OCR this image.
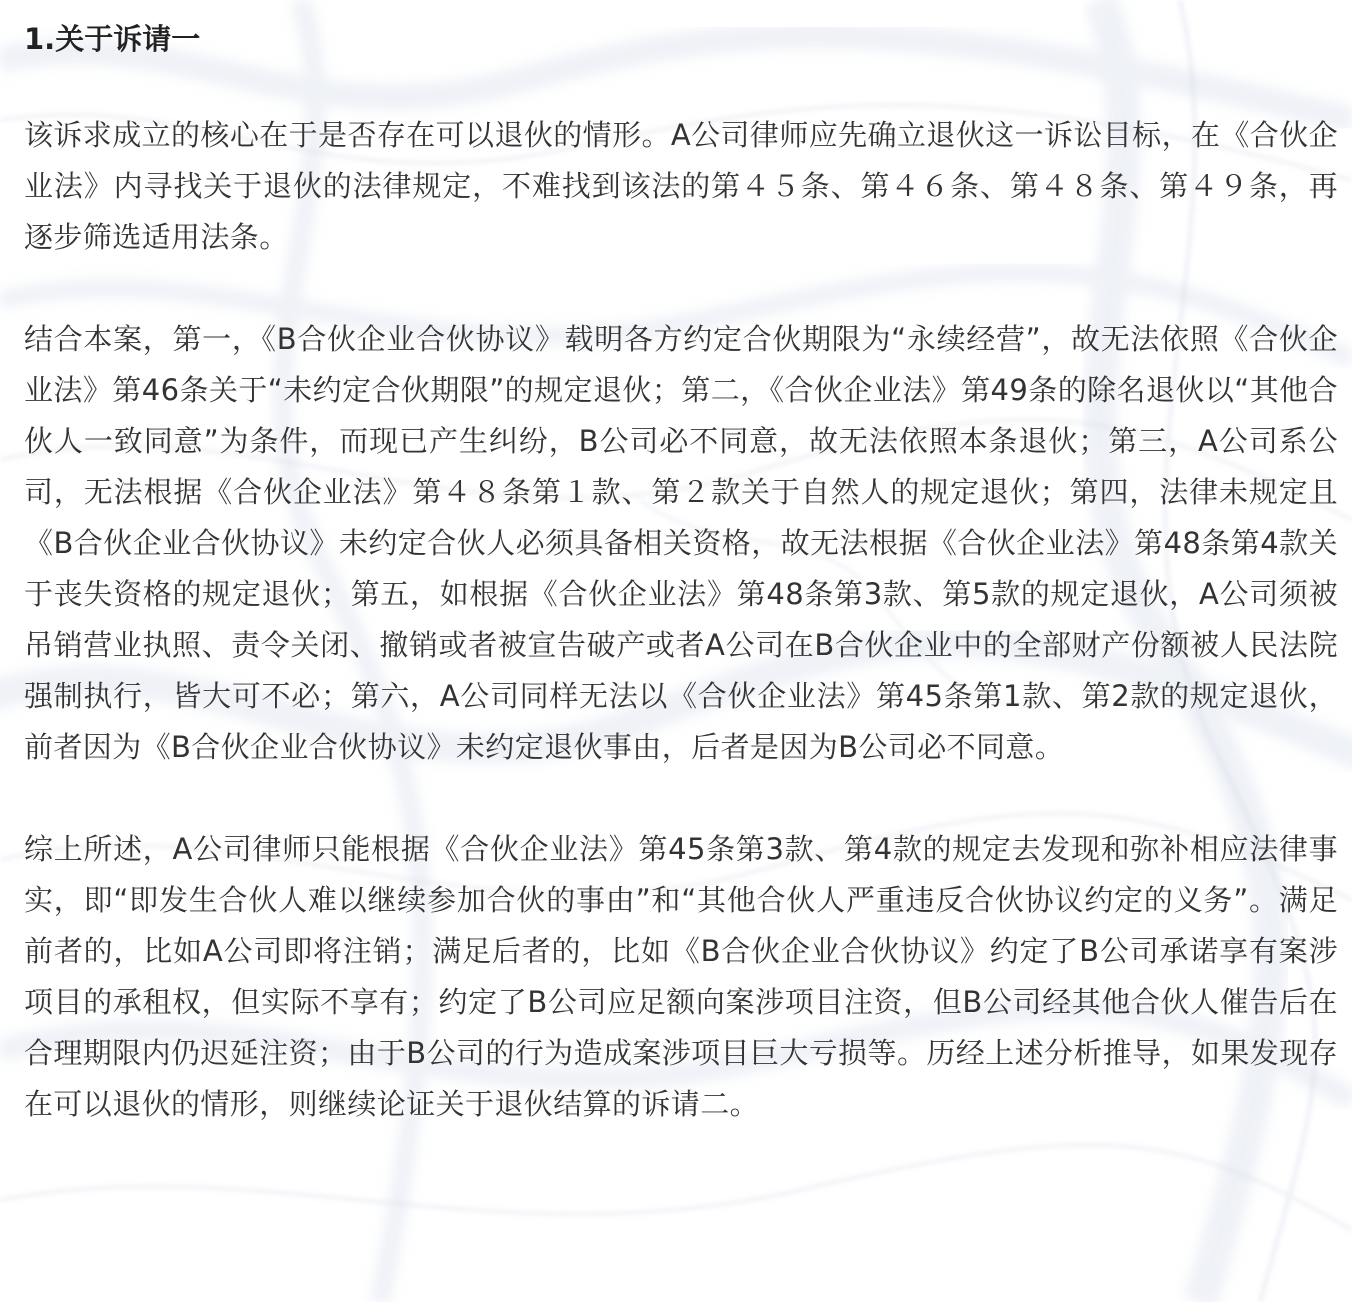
1.关于诉请一

该诉求成立的核心在于是否存在可以退伙的情形。A公司律师应先确立退伙这一诉讼目标，在《合伙企业法》内寻找关于退伙的法律规定，不难找到该法的第４５条、第４６条、第４８条、第４９条，再逐步筛选适用法条。

结合本案，第一，《B合伙企业合伙协议》载明各方约定合伙期限为“永续经营”，故无法依照《合伙企业法》第46条关于“未约定合伙期限”的规定退伙；第二，《合伙企业法》第49条的除名退伙以“其他合伙人一致同意”为条件，而现已产生纠纷，B公司必不同意，故无法依照本条退伙；第三，A公司系公司，无法根据《合伙企业法》第４８条第１款、第２款关于自然人的规定退伙；第四，法律未规定且《B合伙企业合伙协议》未约定合伙人必须具备相关资格，故无法根据《合伙企业法》第48条第4款关于丧失资格的规定退伙；第五，如根据《合伙企业法》第48条第3款、第5款的规定退伙，A公司须被吊销营业执照、责令关闭、撤销或者被宣告破产或者A公司在B合伙企业中的全部财产份额被人民法院强制执行，皆大可不必；第六，A公司同样无法以《合伙企业法》第45条第1款、第2款的规定退伙，前者因为《B合伙企业合伙协议》未约定退伙事由，后者是因为B公司必不同意。

综上所述，A公司律师只能根据《合伙企业法》第45条第3款、第4款的规定去发现和弥补相应法律事实，即“即发生合伙人难以继续参加合伙的事由”和“其他合伙人严重违反合伙协议约定的义务”。满足前者的，比如A公司即将注销；满足后者的，比如《B合伙企业合伙协议》约定了B公司承诺享有案涉项目的承租权，但实际不享有；约定了B公司应足额向案涉项目注资，但B公司经其他合伙人催告后在合理期限内仍迟延注资；由于B公司的行为造成案涉项目巨大亏损等。历经上述分析推导，如果发现存在可以退伙的情形，则继续论证关于退伙结算的诉请二。
